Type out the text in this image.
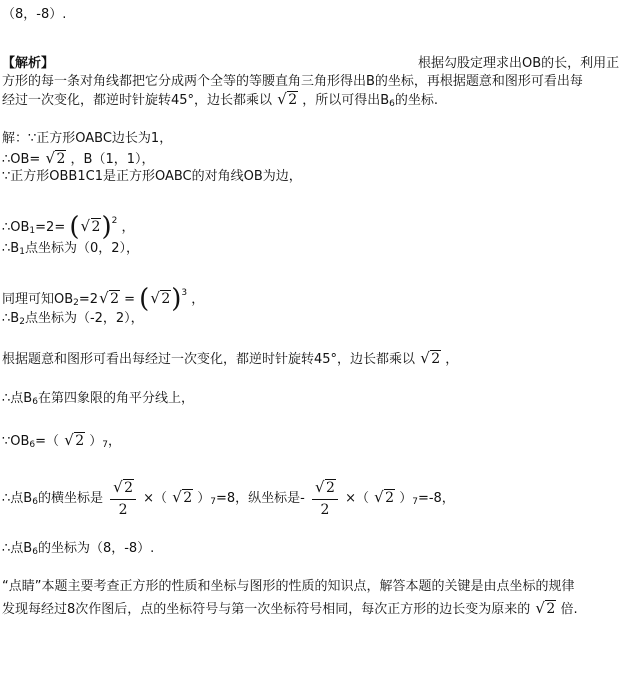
（8，-8）.
【解析】	根据勾股定理求出OB的长，利用正
方形的每一条对角线都把它分成两个全等的等腰直角三角形得出B的坐标，再根据题意和图形可看出每
经过一次变化，都逆时针旋转45°，边长都乘以 √ 2 ，所以可得出B6的坐标.
解：∵正方形OABC边长为1，
∴OB= √ 2 ，B（1，1），
∵正方形OBB1C1是正方形OABC的对角线OB为边，
∴OB1=2= ( √ 2)$^2$ ，
∴B1点坐标为（0，2），
同理可知OB2=2 √ 2 = ( √ 2)$^3$ ，
∴B2点坐标为（-2，2），
根据题意和图形可看出每经过一次变化，都逆时针旋转45°，边长都乘以 √ 2 ，
∴点B6在第四象限的角平分线上，
∵OB6=（ √ 2 ）7，
∴点B6的横坐标是 √ $\frac{2}{2}$ ×（ √ 2 ）7=8，纵坐标是- √ $\frac{2}{2}$ ×（ √ 2 ）7=-8，
∴点B6的坐标为（8，-8）.
“点睛”本题主要考查正方形的性质和坐标与图形的性质的知识点，解答本题的关键是由点坐标的规律
发现每经过8次作图后，点的坐标符号与第一次坐标符号相同，每次正方形的边长变为原来的 √ 2 倍.
